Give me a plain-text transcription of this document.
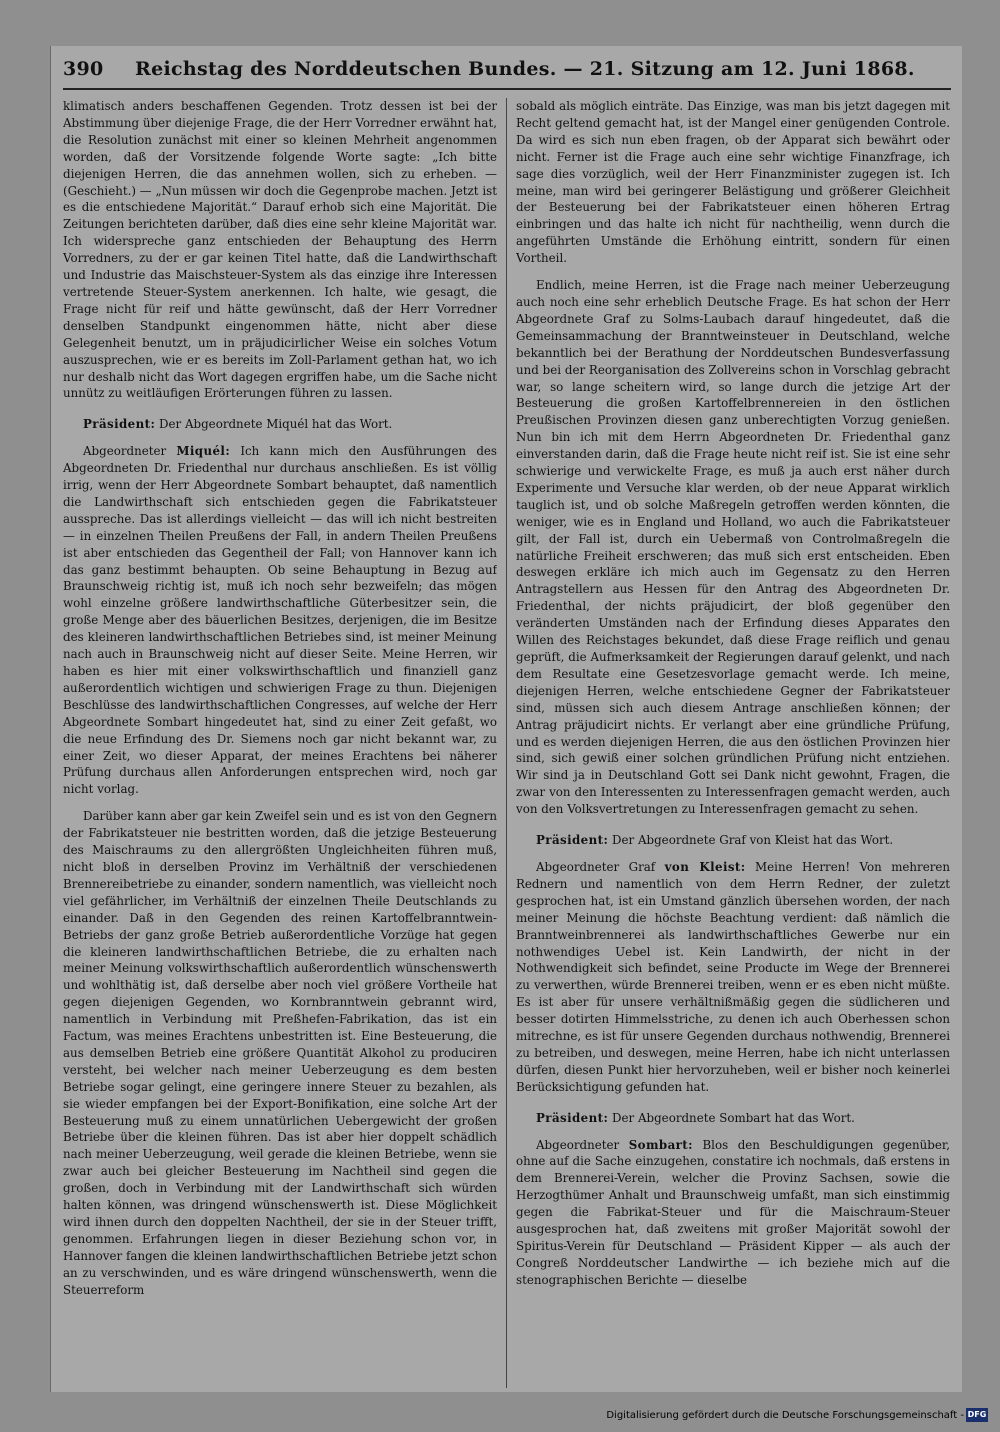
390 Reichstag des Norddeutschen Bundes. — 21. Sitzung am 12. Juni 1868.

klimatisch anders beschaffenen Gegenden. Trotz dessen ist bei der Abstimmung über diejenige Frage, die der Herr Vorredner erwähnt hat, die Resolution zunächst mit einer so kleinen Mehrheit angenommen worden, daß der Vorsitzende folgende Worte sagte: „Ich bitte diejenigen Herren, die das annehmen wollen, sich zu erheben. — (Geschieht.) — „Nun müssen wir doch die Gegenprobe machen. Jetzt ist es die entschiedene Majorität.“ Darauf erhob sich eine Majorität. Die Zeitungen berichteten darüber, daß dies eine sehr kleine Majorität war. Ich widerspreche ganz entschieden der Behauptung des Herrn Vorredners, zu der er gar keinen Titel hatte, daß die Landwirthschaft und Industrie das Maischsteuer-System als das einzige ihre Interessen vertretende Steuer-System anerkennen. Ich halte, wie gesagt, die Frage nicht für reif und hätte gewünscht, daß der Herr Vorredner denselben Standpunkt eingenommen hätte, nicht aber diese Gelegenheit benutzt, um in präjudicirlicher Weise ein solches Votum auszusprechen, wie er es bereits im Zoll-Parlament gethan hat, wo ich nur deshalb nicht das Wort dagegen ergriffen habe, um die Sache nicht unnütz zu weitläufigen Erörterungen führen zu lassen.

Präsident: Der Abgeordnete Miquél hat das Wort.

Abgeordneter Miquél: Ich kann mich den Ausführungen des Abgeordneten Dr. Friedenthal nur durchaus anschließen. Es ist völlig irrig, wenn der Herr Abgeordnete Sombart behauptet, daß namentlich die Landwirthschaft sich entschieden gegen die Fabrikatsteuer ausspreche. Das ist allerdings vielleicht — das will ich nicht bestreiten — in einzelnen Theilen Preußens der Fall, in andern Theilen Preußens ist aber entschieden das Gegentheil der Fall; von Hannover kann ich das ganz bestimmt behaupten. Ob seine Behauptung in Bezug auf Braunschweig richtig ist, muß ich noch sehr bezweifeln; das mögen wohl einzelne größere landwirthschaftliche Güterbesitzer sein, die große Menge aber des bäuerlichen Besitzes, derjenigen, die im Besitze des kleineren landwirthschaftlichen Betriebes sind, ist meiner Meinung nach auch in Braunschweig nicht auf dieser Seite. Meine Herren, wir haben es hier mit einer volkswirthschaftlich und finanziell ganz außerordentlich wichtigen und schwierigen Frage zu thun. Diejenigen Beschlüsse des landwirthschaftlichen Congresses, auf welche der Herr Abgeordnete Sombart hingedeutet hat, sind zu einer Zeit gefaßt, wo die neue Erfindung des Dr. Siemens noch gar nicht bekannt war, zu einer Zeit, wo dieser Apparat, der meines Erachtens bei näherer Prüfung durchaus allen Anforderungen entsprechen wird, noch gar nicht vorlag.

Darüber kann aber gar kein Zweifel sein und es ist von den Gegnern der Fabrikatsteuer nie bestritten worden, daß die jetzige Besteuerung des Maischraums zu den allergrößten Ungleichheiten führen muß, nicht bloß in derselben Provinz im Verhältniß der verschiedenen Brennereibetriebe zu einander, sondern namentlich, was vielleicht noch viel gefährlicher, im Verhältniß der einzelnen Theile Deutschlands zu einander. Daß in den Gegenden des reinen Kartoffelbranntwein-Betriebs der ganz große Betrieb außerordentliche Vorzüge hat gegen die kleineren landwirthschaftlichen Betriebe, die zu erhalten nach meiner Meinung volkswirthschaftlich außerordentlich wünschenswerth und wohlthätig ist, daß derselbe aber noch viel größere Vortheile hat gegen diejenigen Gegenden, wo Kornbranntwein gebrannt wird, namentlich in Verbindung mit Preßhefen-Fabrikation, das ist ein Factum, was meines Erachtens unbestritten ist. Eine Besteuerung, die aus demselben Betrieb eine größere Quantität Alkohol zu produciren versteht, bei welcher nach meiner Ueberzeugung es dem besten Betriebe sogar gelingt, eine geringere innere Steuer zu bezahlen, als sie wieder empfangen bei der Export-Bonifikation, eine solche Art der Besteuerung muß zu einem unnatürlichen Uebergewicht der großen Betriebe über die kleinen führen. Das ist aber hier doppelt schädlich nach meiner Ueberzeugung, weil gerade die kleinen Betriebe, wenn sie zwar auch bei gleicher Besteuerung im Nachtheil sind gegen die großen, doch in Verbindung mit der Landwirthschaft sich würden halten können, was dringend wünschenswerth ist. Diese Möglichkeit wird ihnen durch den doppelten Nachtheil, der sie in der Steuer trifft, genommen. Erfahrungen liegen in dieser Beziehung schon vor, in Hannover fangen die kleinen landwirthschaftlichen Betriebe jetzt schon an zu verschwinden, und es wäre dringend wünschenswerth, wenn die Steuerreform

sobald als möglich einträte. Das Einzige, was man bis jetzt dagegen mit Recht geltend gemacht hat, ist der Mangel einer genügenden Controle. Da wird es sich nun eben fragen, ob der Apparat sich bewährt oder nicht. Ferner ist die Frage auch eine sehr wichtige Finanzfrage, ich sage dies vorzüglich, weil der Herr Finanzminister zugegen ist. Ich meine, man wird bei geringerer Belästigung und größerer Gleichheit der Besteuerung bei der Fabrikatsteuer einen höheren Ertrag einbringen und das halte ich nicht für nachtheilig, wenn durch die angeführten Umstände die Erhöhung eintritt, sondern für einen Vortheil.

Endlich, meine Herren, ist die Frage nach meiner Ueberzeugung auch noch eine sehr erheblich Deutsche Frage. Es hat schon der Herr Abgeordnete Graf zu Solms-Laubach darauf hingedeutet, daß die Gemeinsammachung der Branntweinsteuer in Deutschland, welche bekanntlich bei der Berathung der Norddeutschen Bundesverfassung und bei der Reorganisation des Zollvereins schon in Vorschlag gebracht war, so lange scheitern wird, so lange durch die jetzige Art der Besteuerung die großen Kartoffelbrennereien in den östlichen Preußischen Provinzen diesen ganz unberechtigten Vorzug genießen. Nun bin ich mit dem Herrn Abgeordneten Dr. Friedenthal ganz einverstanden darin, daß die Frage heute nicht reif ist. Sie ist eine sehr schwierige und verwickelte Frage, es muß ja auch erst näher durch Experimente und Versuche klar werden, ob der neue Apparat wirklich tauglich ist, und ob solche Maßregeln getroffen werden könnten, die weniger, wie es in England und Holland, wo auch die Fabrikatsteuer gilt, der Fall ist, durch ein Uebermaß von Controlmaßregeln die natürliche Freiheit erschweren; das muß sich erst entscheiden. Eben deswegen erkläre ich mich auch im Gegensatz zu den Herren Antragstellern aus Hessen für den Antrag des Abgeordneten Dr. Friedenthal, der nichts präjudicirt, der bloß gegenüber den veränderten Umständen nach der Erfindung dieses Apparates den Willen des Reichstages bekundet, daß diese Frage reiflich und genau geprüft, die Aufmerksamkeit der Regierungen darauf gelenkt, und nach dem Resultate eine Gesetzesvorlage gemacht werde. Ich meine, diejenigen Herren, welche entschiedene Gegner der Fabrikatsteuer sind, müssen sich auch diesem Antrage anschließen können; der Antrag präjudicirt nichts. Er verlangt aber eine gründliche Prüfung, und es werden diejenigen Herren, die aus den östlichen Provinzen hier sind, sich gewiß einer solchen gründlichen Prüfung nicht entziehen. Wir sind ja in Deutschland Gott sei Dank nicht gewohnt, Fragen, die zwar von den Interessenten zu Interessenfragen gemacht werden, auch von den Volksvertretungen zu Interessenfragen gemacht zu sehen.

Präsident: Der Abgeordnete Graf von Kleist hat das Wort.

Abgeordneter Graf von Kleist: Meine Herren! Von mehreren Rednern und namentlich von dem Herrn Redner, der zuletzt gesprochen hat, ist ein Umstand gänzlich übersehen worden, der nach meiner Meinung die höchste Beachtung verdient: daß nämlich die Branntweinbrennerei als landwirthschaftliches Gewerbe nur ein nothwendiges Uebel ist. Kein Landwirth, der nicht in der Nothwendigkeit sich befindet, seine Producte im Wege der Brennerei zu verwerthen, würde Brennerei treiben, wenn er es eben nicht müßte. Es ist aber für unsere verhältnißmäßig gegen die südlicheren und besser dotirten Himmelsstriche, zu denen ich auch Oberhessen schon mitrechne, es ist für unsere Gegenden durchaus nothwendig, Brennerei zu betreiben, und deswegen, meine Herren, habe ich nicht unterlassen dürfen, diesen Punkt hier hervorzuheben, weil er bisher noch keinerlei Berücksichtigung gefunden hat.

Präsident: Der Abgeordnete Sombart hat das Wort.

Abgeordneter Sombart: Blos den Beschuldigungen gegenüber, ohne auf die Sache einzugehen, constatire ich nochmals, daß erstens in dem Brennerei-Verein, welcher die Provinz Sachsen, sowie die Herzogthümer Anhalt und Braunschweig umfaßt, man sich einstimmig gegen die Fabrikat-Steuer und für die Maischraum-Steuer ausgesprochen hat, daß zweitens mit großer Majorität sowohl der Spiritus-Verein für Deutschland — Präsident Kipper — als auch der Congreß Norddeutscher Landwirthe — ich beziehe mich auf die stenographischen Berichte — dieselbe

Digitalisierung gefördert durch die Deutsche Forschungsgemeinschaft - DFG
